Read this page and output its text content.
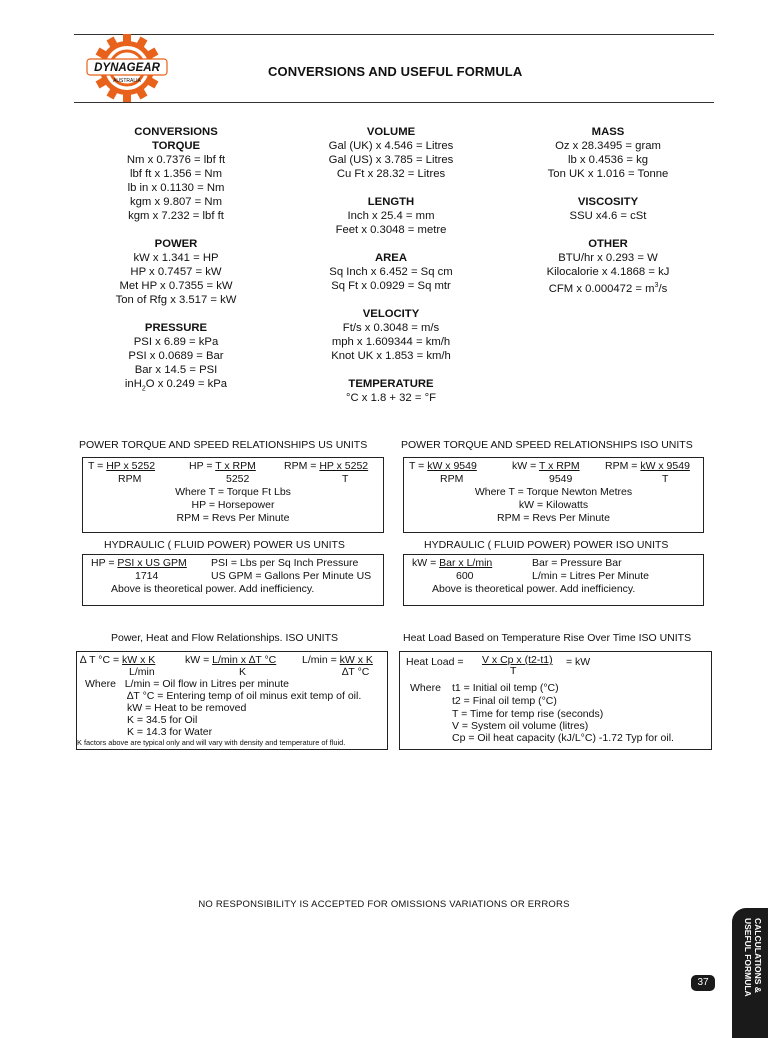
DYNAGEAR
AUSTRALIA
CONVERSIONS AND USEFUL FORMULA
CONVERSIONS
TORQUE
Nm x 0.7376 = lbf ft
lbf ft x 1.356 = Nm
lb in x 0.1130 = Nm
kgm x 9.807 = Nm
kgm x 7.232 = lbf ft
POWER
kW x 1.341 = HP
HP x 0.7457 = kW
Met HP x 0.7355 = kW
Ton of Rfg x 3.517 = kW
PRESSURE
PSI x 6.89 = kPa
PSI x 0.0689 = Bar
Bar x 14.5 = PSI
inH$_2$O x 0.249 = kPa
VOLUME
Gal (UK) x 4.546 = Litres
Gal (US) x 3.785 = Litres
Cu Ft x 28.32 = Litres
LENGTH
Inch x 25.4 = mm
Feet x 0.3048 = metre
AREA
Sq Inch x 6.452 = Sq cm
Sq Ft x 0.0929 = Sq mtr
VELOCITY
Ft/s x 0.3048 = m/s
mph x 1.609344 = km/h
Knot UK x 1.853 = km/h
TEMPERATURE
°C x 1.8 + 32 = °F
MASS
Oz x 28.3495 = gram
lb x 0.4536 = kg
Ton UK x 1.016 = Tonne
VISCOSITY
SSU x4.6 = cSt
OTHER
BTU/hr x 0.293 = W
Kilocalorie x 4.1868 = kJ
CFM x $0.000472 = m^3/s$
POWER TORQUE AND SPEED RELATIONSHIPS US UNITS
T = HP x 5252
RPM
HP = T x RPM
5252
RPM = HP x 5252
T
Where T = Torque Ft Lbs
HP = Horsepower
RPM = Revs Per Minute
POWER TORQUE AND SPEED RELATIONSHIPS ISO UNITS
T = kW x 9549
RPM
kW = T x RPM
9549
RPM = kW x 9549
T
Where T = Torque Newton Metres
kW = Kilowatts
RPM = Revs Per Minute
HYDRAULIC ( FLUID POWER) POWER US UNITS
HP = PSI x US GPM
1714
PSI = Lbs per Sq Inch Pressure
US GPM = Gallons Per Minute US
Above is theoretical power. Add inefficiency.
HYDRAULIC ( FLUID POWER) POWER ISO UNITS
kW = Bar x L/min
600
Bar = Pressure Bar
L/min = Litres Per Minute
Above is theoretical power. Add inefficiency.
Power, Heat and Flow Relationships. ISO UNITS
∆ T °C = kW x K
L/min
kW = L/min x ∆T °C
K
L/min = kW x K
∆T °C
Where L/min = Oil flow in Litres per minute
∆T °C = Entering temp of oil minus exit temp of oil.
kW = Heat to be removed
K = 34.5 for Oil
K = 14.3 for Water
K factors above are typical only and will vary with density and temperature of fluid.
Heat Load Based on Temperature Rise Over Time ISO UNITS
Heat Load = V x Cp x (t2-t1)
T
= kW
Where t1 = Initial oil temp (°C)
t2 = Final oil temp (°C)
T = Time for temp rise (seconds)
V = System oil volume (litres)
Cp = Oil heat capacity (kJ/L°C) -1.72 Typ for oil.
NO RESPONSIBILITY IS ACCEPTED FOR OMISSIONS VARIATIONS OR ERRORS
CALCULATIONS &
USEFUL FORMULA
37
